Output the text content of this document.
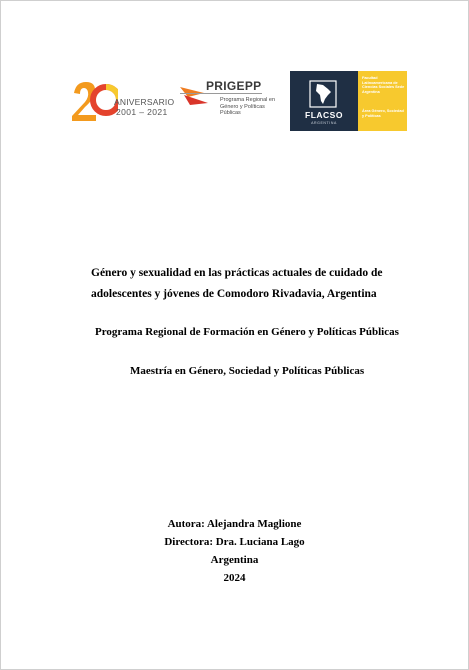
ANIVERSARIO
2001 – 2021
PRIGEPP
Programa Regional en Género y Políticas Públicas	FLACSO
ARGENTINA
Facultad Latinoamericana de Ciencias Sociales Sede Argentina
Área Género, Sociedad y Políticas
Género y sexualidad en las prácticas actuales de cuidado de
adolescentes y jóvenes de Comodoro Rivadavia, Argentina
Programa Regional de Formación en Género y Políticas Públicas
Maestría en Género, Sociedad y Políticas Públicas
Autora: Alejandra Maglione
Directora: Dra. Luciana Lago
Argentina
2024
